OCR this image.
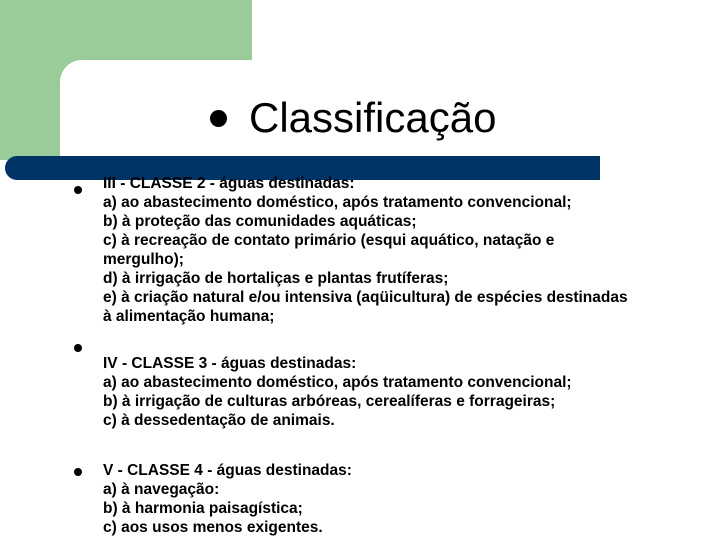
Classificação
III - CLASSE 2 - águas destinadas:
a) ao abastecimento doméstico, após tratamento convencional;
b) à proteção das comunidades aquáticas;
c) à recreação de contato primário (esqui aquático, natação e
mergulho);
d) à irrigação de hortaliças e plantas frutíferas;
e) à criação natural e/ou intensiva (aqüicultura) de espécies destinadas
à alimentação humana;
IV - CLASSE 3 - águas destinadas:
a) ao abastecimento doméstico, após tratamento convencional;
b) à irrigação de culturas arbóreas, cerealíferas e forrageiras;
c) à dessedentação de animais.
V - CLASSE 4 - águas destinadas:
a) à navegação:
b) à harmonia paisagística;
c) aos usos menos exigentes.
